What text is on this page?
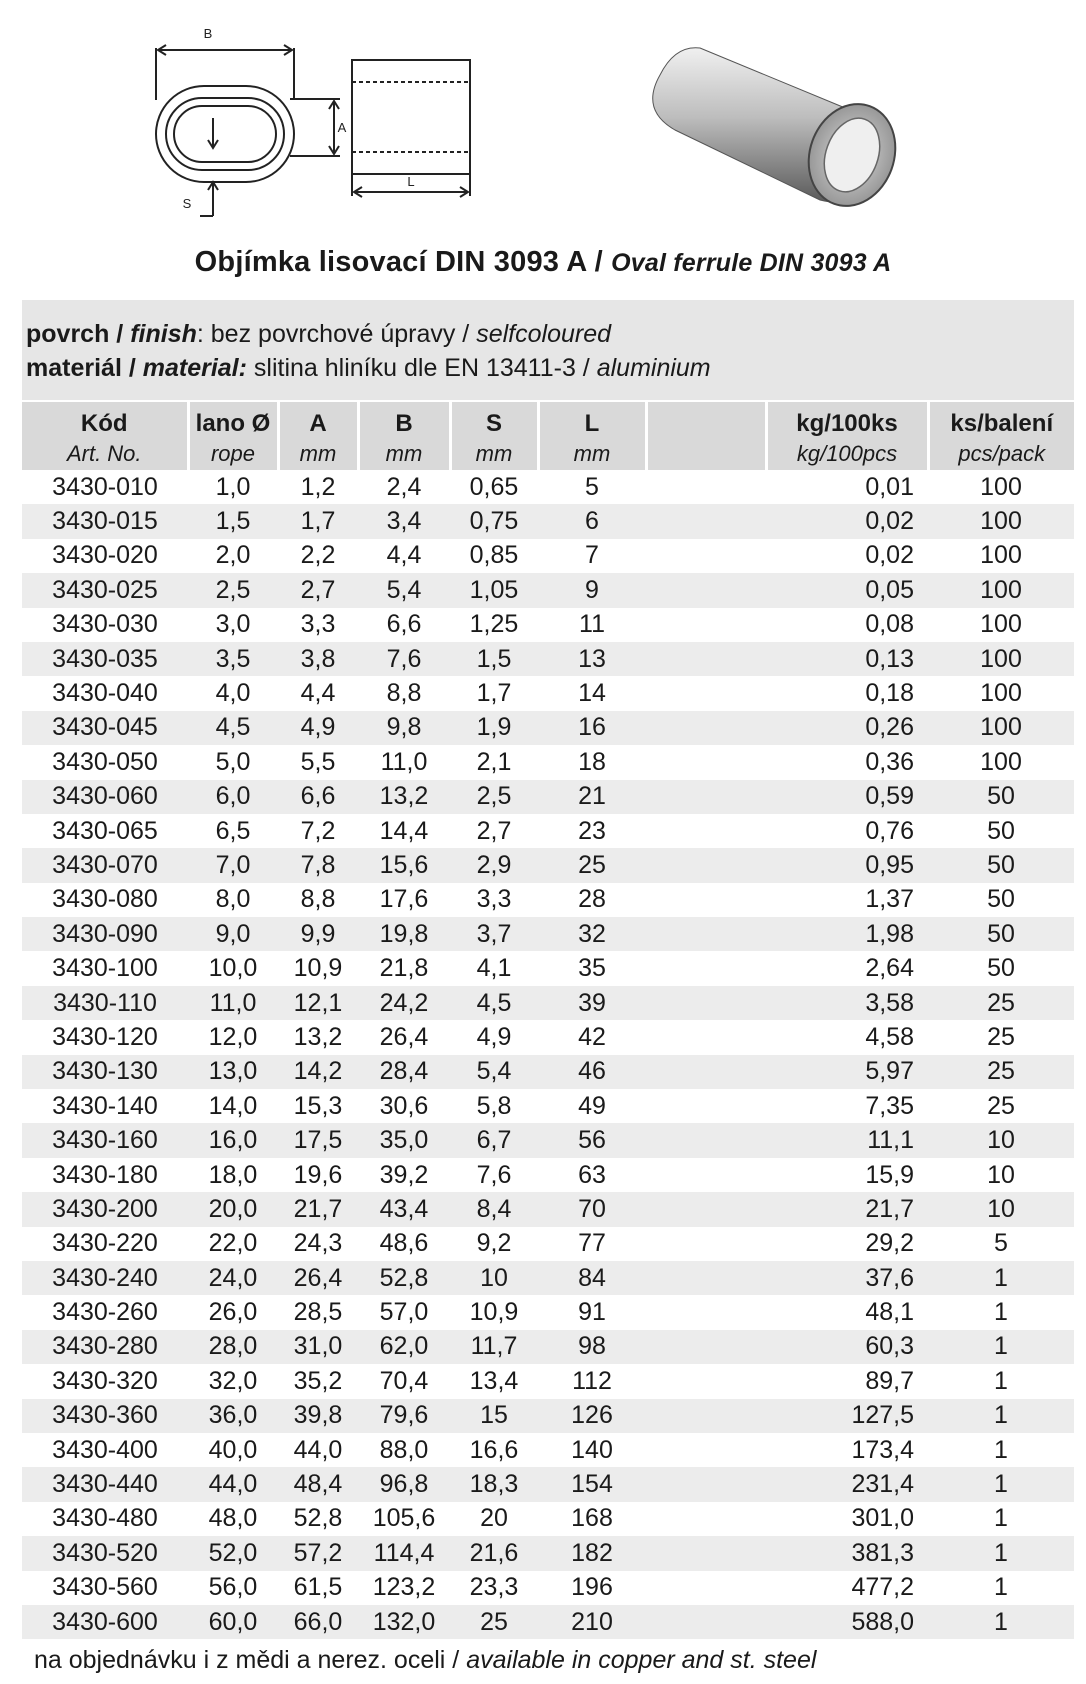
B
S
A
L
Objímka lisovací DIN 3093 A / Oval ferrule DIN 3093 A
povrch / finish: bez povrchové úpravy / selfcoloured
materiál / material: slitina hliníku dle EN 13411-3 / aluminium
Kód	lano Ø	A	B	S	L		kg/100ks	ks/balení
Art. No.	rope	mm	mm	mm	mm		kg/100pcs	pcs/pack
3430-010	1,0	1,2	2,4	0,65	5		0,01	100
3430-015	1,5	1,7	3,4	0,75	6		0,02	100
3430-020	2,0	2,2	4,4	0,85	7		0,02	100
3430-025	2,5	2,7	5,4	1,05	9		0,05	100
3430-030	3,0	3,3	6,6	1,25	11		0,08	100
3430-035	3,5	3,8	7,6	1,5	13		0,13	100
3430-040	4,0	4,4	8,8	1,7	14		0,18	100
3430-045	4,5	4,9	9,8	1,9	16		0,26	100
3430-050	5,0	5,5	11,0	2,1	18		0,36	100
3430-060	6,0	6,6	13,2	2,5	21		0,59	50
3430-065	6,5	7,2	14,4	2,7	23		0,76	50
3430-070	7,0	7,8	15,6	2,9	25		0,95	50
3430-080	8,0	8,8	17,6	3,3	28		1,37	50
3430-090	9,0	9,9	19,8	3,7	32		1,98	50
3430-100	10,0	10,9	21,8	4,1	35		2,64	50
3430-110	11,0	12,1	24,2	4,5	39		3,58	25
3430-120	12,0	13,2	26,4	4,9	42		4,58	25
3430-130	13,0	14,2	28,4	5,4	46		5,97	25
3430-140	14,0	15,3	30,6	5,8	49		7,35	25
3430-160	16,0	17,5	35,0	6,7	56		11,1	10
3430-180	18,0	19,6	39,2	7,6	63		15,9	10
3430-200	20,0	21,7	43,4	8,4	70		21,7	10
3430-220	22,0	24,3	48,6	9,2	77		29,2	5
3430-240	24,0	26,4	52,8	10	84		37,6	1
3430-260	26,0	28,5	57,0	10,9	91		48,1	1
3430-280	28,0	31,0	62,0	11,7	98		60,3	1
3430-320	32,0	35,2	70,4	13,4	112		89,7	1
3430-360	36,0	39,8	79,6	15	126		127,5	1
3430-400	40,0	44,0	88,0	16,6	140		173,4	1
3430-440	44,0	48,4	96,8	18,3	154		231,4	1
3430-480	48,0	52,8	105,6	20	168		301,0	1
3430-520	52,0	57,2	114,4	21,6	182		381,3	1
3430-560	56,0	61,5	123,2	23,3	196		477,2	1
3430-600	60,0	66,0	132,0	25	210		588,0	1
na objednávku i z mědi a nerez. oceli / available in copper and st. steel
